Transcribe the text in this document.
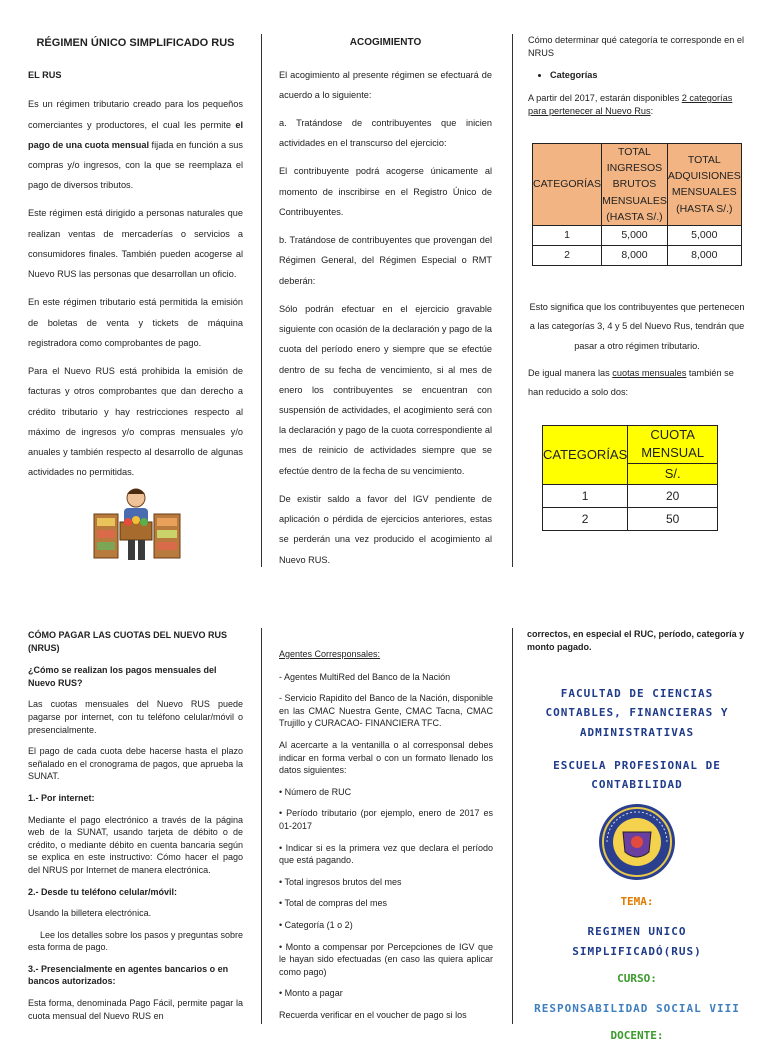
RÉGIMEN ÚNICO SIMPLIFICADO RUS
EL RUS

Es un régimen tributario creado para los pequeños comerciantes y productores, el cual les permite el pago de una cuota mensual fijada en función a sus compras y/o ingresos, con la que se reemplaza el pago de diversos tributos.

Este régimen está dirigido a personas naturales que realizan ventas de mercaderías o servicios a consumidores finales. También pueden acogerse al Nuevo RUS las personas que desarrollan un oficio.

En este régimen tributario está permitida la emisión de boletas de venta y tickets de máquina registradora como comprobantes de pago.

Para el Nuevo RUS está prohibida la emisión de facturas y otros comprobantes que dan derecho a crédito tributario y hay restricciones respecto al máximo de ingresos y/o compras mensuales y/o anuales y también respecto al desarrollo de algunas actividades no permitidas.

ACOGIMIENTO

El acogimiento al presente régimen se efectuará de acuerdo a lo siguiente:

a. Tratándose de contribuyentes que inicien actividades en el transcurso del ejercicio:

El contribuyente podrá acogerse únicamente al momento de inscribirse en el Registro Único de Contribuyentes.

b. Tratándose de contribuyentes que provengan del Régimen General, del Régimen Especial o RMT deberán:

Sólo podrán efectuar en el ejercicio gravable siguiente con ocasión de la declaración y pago de la cuota del período enero y siempre que se efectúe dentro de su fecha de vencimiento, si al mes de enero los contribuyentes se encuentran con suspensión de actividades, el acogimiento será con la declaración y pago de la cuota correspondiente al mes de reinicio de actividades siempre que se efectúe dentro de la fecha de su vencimiento.

De existir saldo a favor del IGV pendiente de aplicación o pérdida de ejercicios anteriores, estas se perderán una vez producido el acogimiento al Nuevo RUS.

Cómo determinar qué categoría te corresponde en el NRUS
• Categorías

A partir del 2017, estarán disponibles 2 categorías para pertenecer al Nuevo Rus:

CATEGORÍAS	TOTAL INGRESOS BRUTOS MENSUALES (HASTA S/.)	TOTAL ADQUISIONES MENSUALES (HASTA S/.)
1	5,000	5,000
2	8,000	8,000

Esto significa que los contribuyentes que pertenecen a las categorías 3, 4 y 5 del Nuevo Rus, tendrán que pasar a otro régimen tributario.

De igual manera las cuotas mensuales también se han reducido a solo dos:

CATEGORÍAS	CUOTA MENSUAL
	S/.
1	20
2	50
CÓMO PAGAR LAS CUOTAS DEL NUEVO RUS (NRUS)
¿Cómo se realizan los pagos mensuales del Nuevo RUS?

Las cuotas mensuales del Nuevo RUS puede pagarse por internet, con tu teléfono celular/móvil o presencialmente.

El pago de cada cuota debe hacerse hasta el plazo señalado en el cronograma de pagos, que aprueba la SUNAT.

1.- Por internet:

Mediante el pago electrónico a través de la página web de la SUNAT, usando tarjeta de débito o de crédito, o mediante débito en cuenta bancaria según se explica en este instructivo: Cómo hacer el pago del NRUS por Internet de manera electrónica.

2.- Desde tu teléfono celular/móvil:

Usando la billetera electrónica.

Lee los detalles sobre los pasos y preguntas sobre esta forma de pago.

3.- Presencialmente en agentes bancarios o en bancos autorizados:

Esta forma, denominada Pago Fácil, permite pagar la cuota mensual del Nuevo RUS en

Agentes Corresponsales:

- Agentes MultiRed del Banco de la Nación

- Servicio Rapidito del Banco de la Nación, disponible en las CMAC Nuestra Gente, CMAC Tacna, CMAC Trujillo y CURACAO- FINANCIERA TFC.

Al acercarte a la ventanilla o al corresponsal debes indicar en forma verbal o con un formato llenado los datos siguientes:

• Número de RUC

• Período tributario (por ejemplo, enero de 2017 es 01-2017

• Indicar si es la primera vez que declara el período que está pagando.

• Total ingresos brutos del mes

• Total de compras del mes

• Categoría (1 o 2)

• Monto a compensar por Percepciones de IGV que le hayan sido efectuadas (en caso las quiera aplicar como pago)

• Monto a pagar

Recuerda verificar en el voucher de pago si los

correctos, en especial el RUC, período, categoría y monto pagado.

FACULTAD DE CIENCIAS CONTABLES, FINANCIERAS Y ADMINISTRATIVAS
ESCUELA PROFESIONAL DE CONTABILIDAD
TEMA:
REGIMEN UNICO SIMPLIFICADÓ(RUS)
CURSO:
RESPONSABILIDAD SOCIAL VIII
DOCENTE:
